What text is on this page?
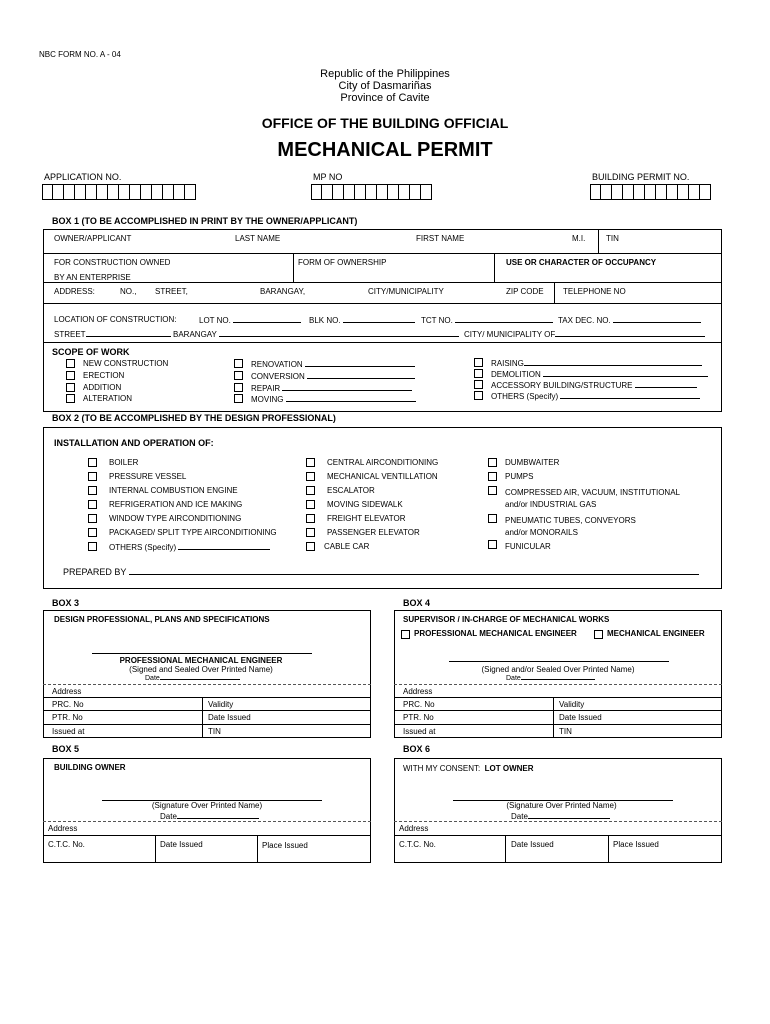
NBC FORM NO. A - 04
Republic of the Philippines
City of Dasmariñas
Province of Cavite
OFFICE OF THE BUILDING OFFICIAL
MECHANICAL PERMIT
APPLICATION NO.	MP NO	BUILDING PERMIT NO.
BOX 1 (TO BE ACCOMPLISHED IN PRINT BY THE OWNER/APPLICANT)
OWNER/APPLICANT	LAST NAME	FIRST NAME	M.I.	TIN
FOR CONSTRUCTION OWNED	FORM OF OWNERSHIP	USE OR CHARACTER OF OCCUPANCY
BY AN ENTERPRISE
ADDRESS:	NO., STREET,	BARANGAY,	CITY/MUNICIPALITY	ZIP CODE TELEPHONE NO
LOCATION OF CONSTRUCTION:	LOT NO.	BLK NO.	TCT NO.	TAX DEC. NO.
STREET	BARANGAY	CITY/ MUNICIPALITY OF
SCOPE OF WORK
NEW CONSTRUCTION
ERECTION
ADDITION
ALTERATION
RENOVATION
CONVERSION
REPAIR
MOVING
RAISING
DEMOLITION
ACCESSORY BUILDING/STRUCTURE
OTHERS (Specify)
BOX 2 (TO BE ACCOMPLISHED BY THE DESIGN PROFESSIONAL)
INSTALLATION AND OPERATION OF:
BOILER
PRESSURE VESSEL
INTERNAL COMBUSTION ENGINE
REFRIGERATION AND ICE MAKING
WINDOW TYPE AIRCONDITIONING
PACKAGED/ SPLIT TYPE AIRCONDITIONING
OTHERS (Specify)
CENTRAL AIRCONDITIONING
MECHANICAL VENTILLATION
ESCALATOR
MOVING SIDEWALK
FREIGHT ELEVATOR
PASSENGER ELEVATOR
CABLE CAR
DUMBWAITER
PUMPS
COMPRESSED AIR, VACUUM, INSTITUTIONAL
and/or INDUSTRIAL GAS
PNEUMATIC TUBES, CONVEYORS
and/or MONORAILS
FUNICULAR
PREPARED BY
BOX 3
DESIGN PROFESSIONAL, PLANS AND SPECIFICATIONS
PROFESSIONAL MECHANICAL ENGINEER
(Signed and Sealed Over Printed Name)
Date
Address
PRC. No	Validity
PTR. No	Date Issued
Issued at	TIN
BOX 4
SUPERVISOR / IN-CHARGE OF MECHANICAL WORKS
PROFESSIONAL MECHANICAL ENGINEER	MECHANICAL ENGINEER
(Signed and/or Sealed Over Printed Name)
Date
Address
PRC. No	Validity
PTR. No	Date Issued
Issued at	TIN
BOX 5
BUILDING OWNER
(Signature Over Printed Name)
Date
Address
C.T.C. No.	Date Issued	Place Issued
BOX 6
WITH MY CONSENT: LOT OWNER
(Signature Over Printed Name)
Date
Address
C.T.C. No.	Date Issued	Place Issued
